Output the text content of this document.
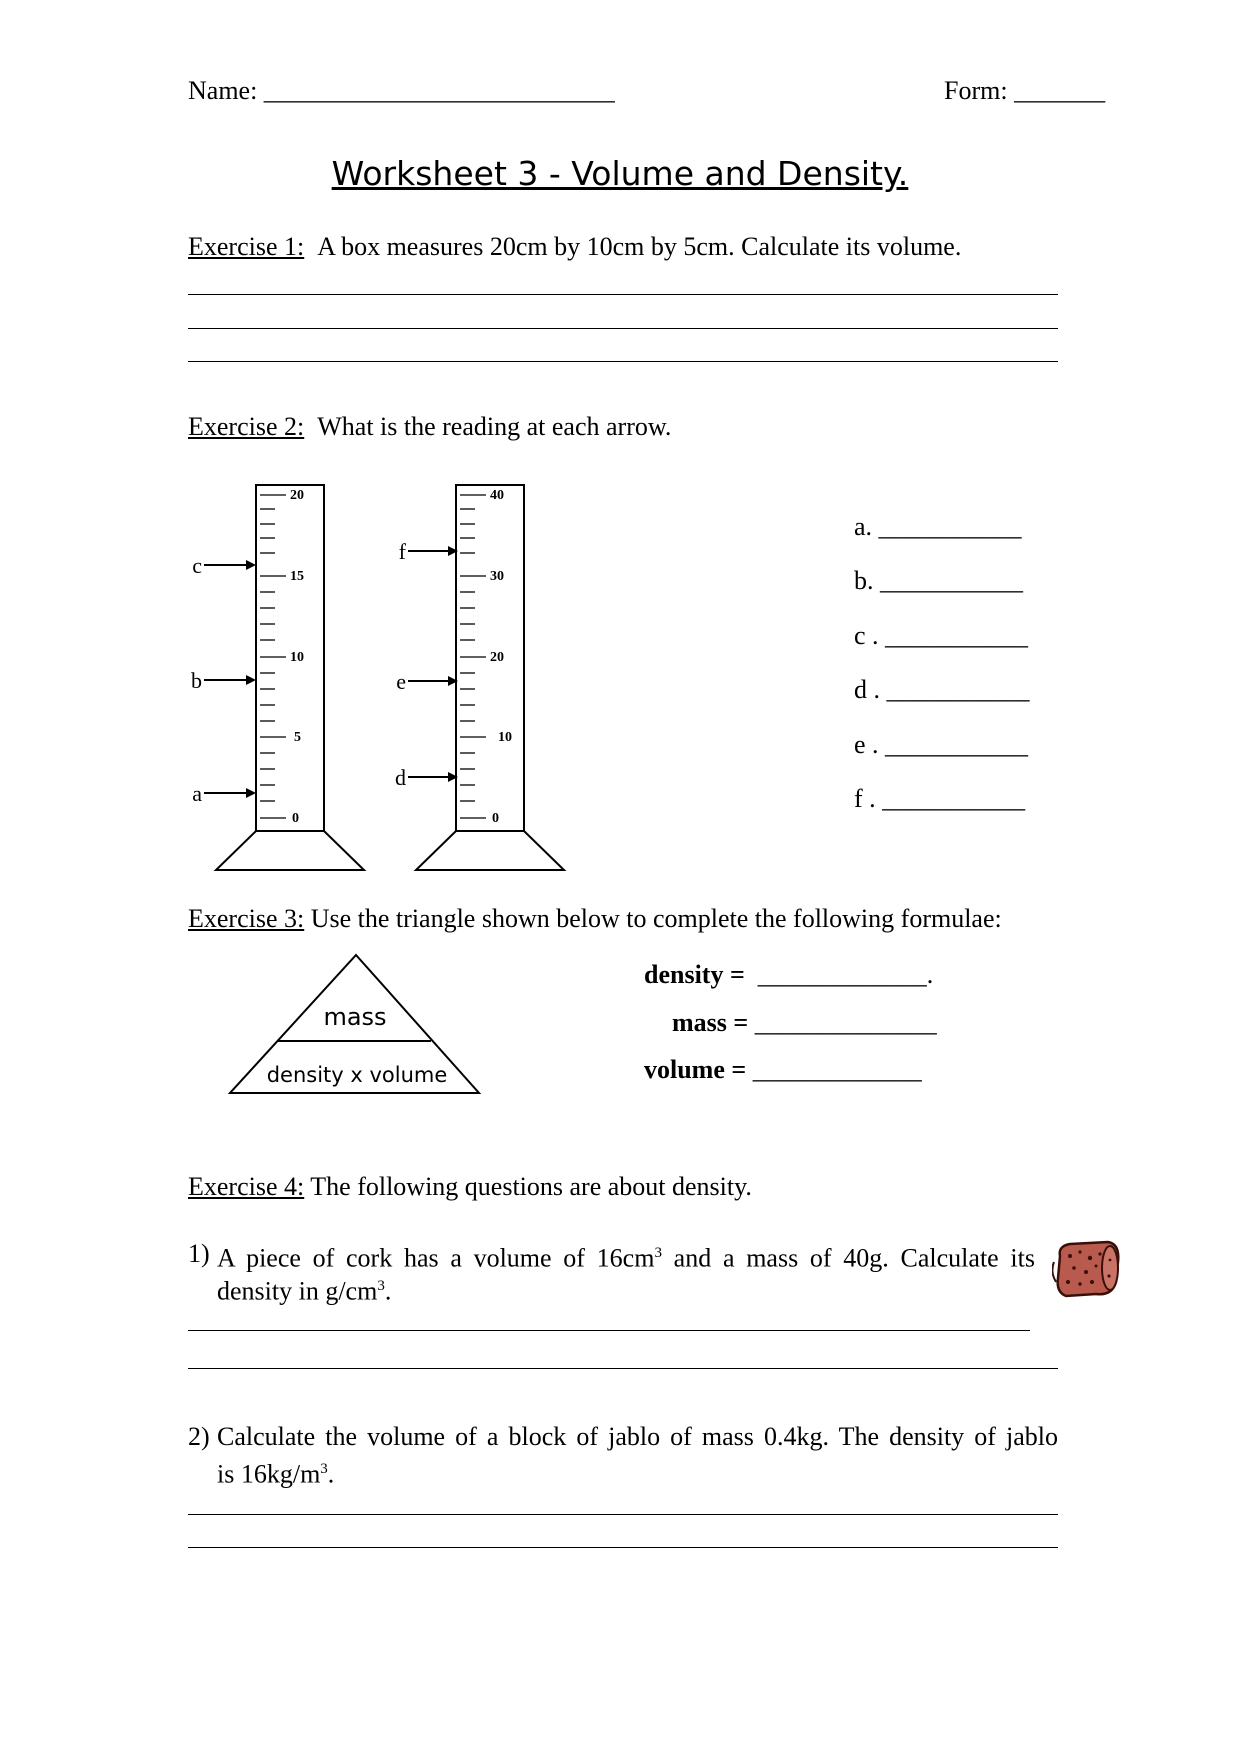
Name: ___________________________	Form: _______
Worksheet 3 - Volume and Density.
Exercise 1: A box measures 20cm by 10cm by 5cm. Calculate its volume.
Exercise 2: What is the reading at each arrow.
20
15
10
5
0
c
b
a
40
30
20
10
0
f
e
d
a. ___________
b. ___________
c . ___________
d . ___________
e . ___________
f . ___________
Exercise 3: Use the triangle shown below to complete the following formulae:
mass
density x volume
density = _____________.
mass = ______________
volume = _____________
Exercise 4: The following questions are about density.
1) A piece of cork has a volume of $16cm^3$ and a mass of 40g. Calculate its
density in $g/cm^3$.
2) Calculate the volume of a block of jablo of mass 0.4kg. The density of jablo
is $16kg/m^3$.
